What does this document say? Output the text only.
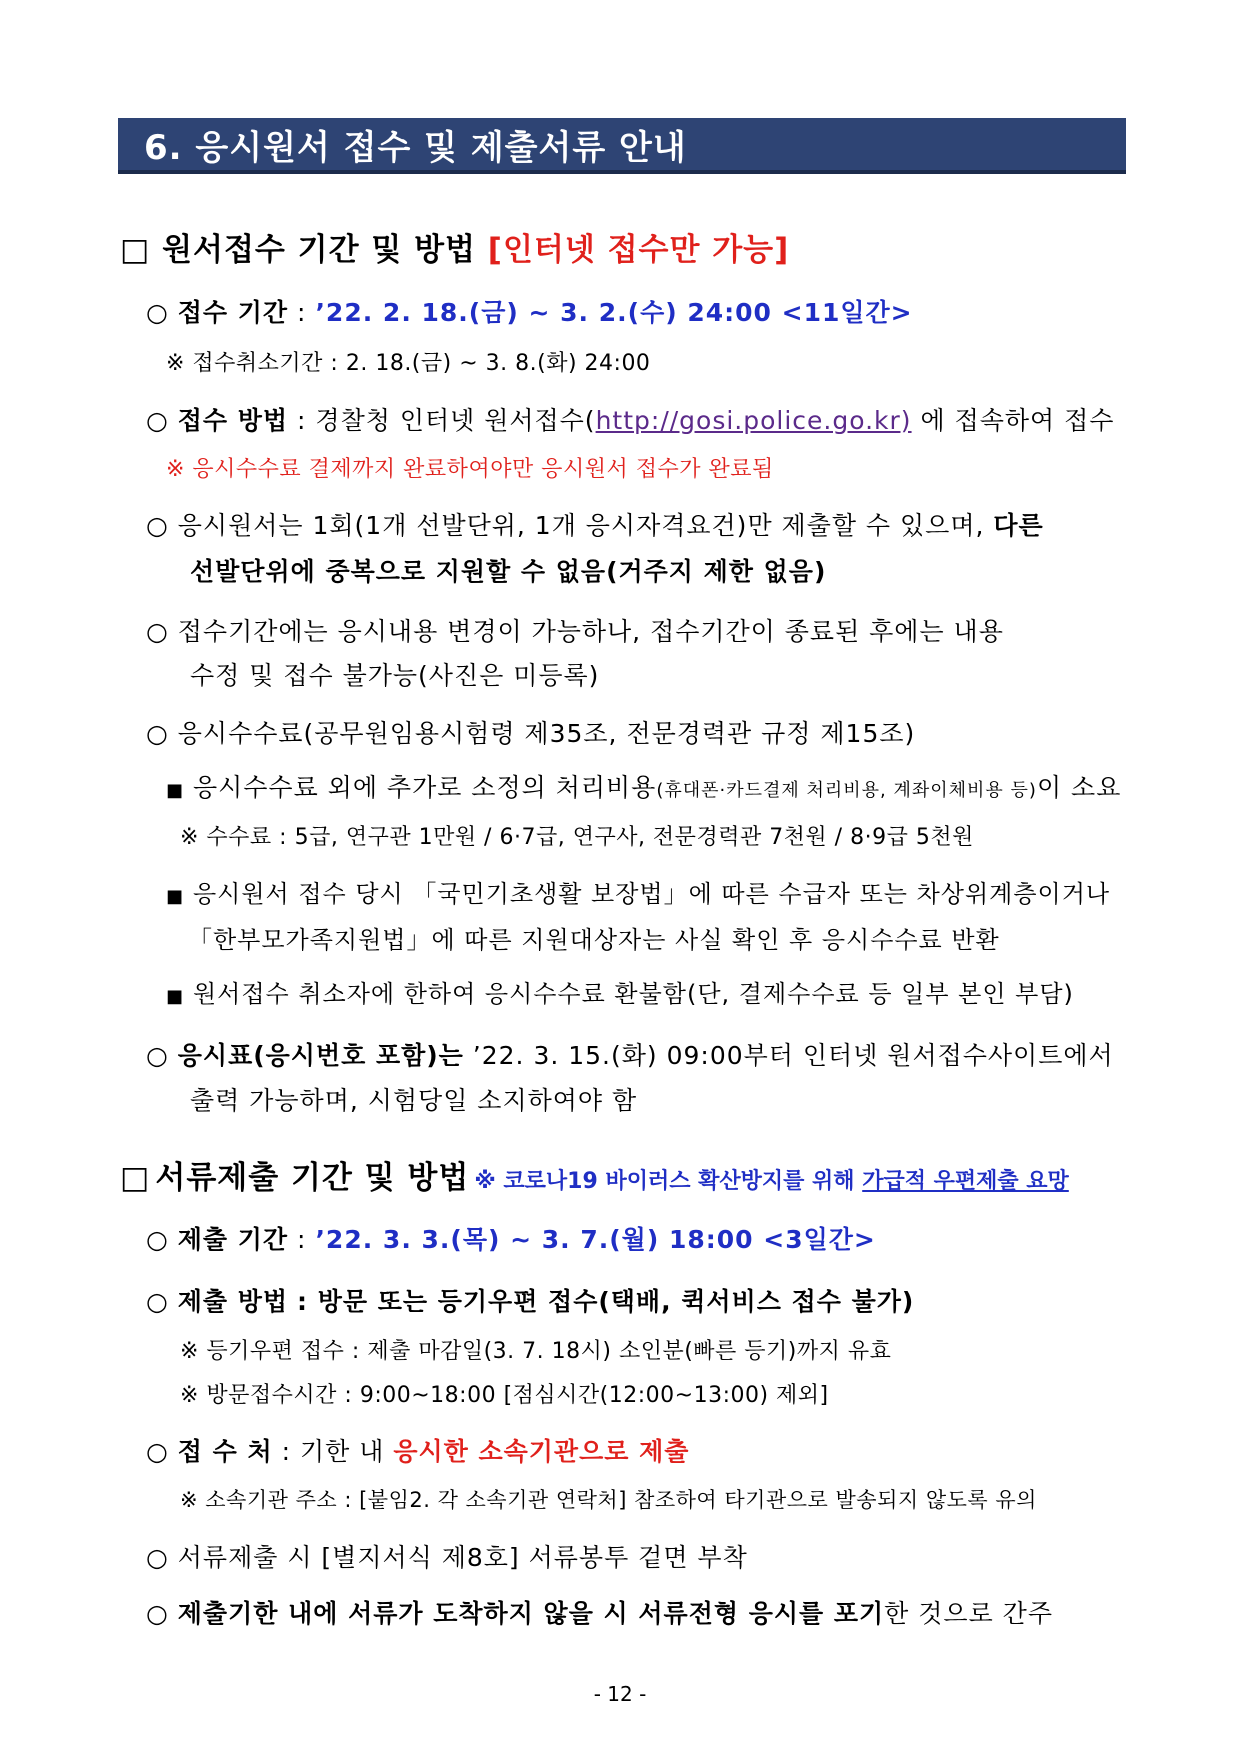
6. 응시원서 접수 및 제출서류 안내
□ 원서접수 기간 및 방법 [인터넷 접수만 가능]
○ 접수 기간 : ’22. 2. 18.(금) ~ 3. 2.(수) 24:00 <11일간>
※ 접수취소기간 : 2. 18.(금) ~ 3. 8.(화) 24:00
○ 접수 방법 : 경찰청 인터넷 원서접수(http://gosi.police.go.kr) 에 접속하여 접수
※ 응시수수료 결제까지 완료하여야만 응시원서 접수가 완료됨
○ 응시원서는 1회(1개 선발단위, 1개 응시자격요건)만 제출할 수 있으며, 다른
선발단위에 중복으로 지원할 수 없음(거주지 제한 없음)
○ 접수기간에는 응시내용 변경이 가능하나, 접수기간이 종료된 후에는 내용
수정 및 접수 불가능(사진은 미등록)
○ 응시수수료(공무원임용시험령 제35조, 전문경력관 규정 제15조)
■ 응시수수료 외에 추가로 소정의 처리비용(휴대폰·카드결제 처리비용, 계좌이체비용 등)이 소요
※ 수수료 : 5급, 연구관 1만원 / 6·7급, 연구사, 전문경력관 7천원 / 8·9급 5천원
■ 응시원서 접수 당시 「국민기초생활 보장법」에 따른 수급자 또는 차상위계층이거나
「한부모가족지원법」에 따른 지원대상자는 사실 확인 후 응시수수료 반환
■ 원서접수 취소자에 한하여 응시수수료 환불함(단, 결제수수료 등 일부 본인 부담)
○ 응시표(응시번호 포함)는 ’22. 3. 15.(화) 09:00부터 인터넷 원서접수사이트에서
출력 가능하며, 시험당일 소지하여야 함
□ 서류제출 기간 및 방법 ※ 코로나19 바이러스 확산방지를 위해 가급적 우편제출 요망
○ 제출 기간 : ’22. 3. 3.(목) ~ 3. 7.(월) 18:00 <3일간>
○ 제출 방법 : 방문 또는 등기우편 접수(택배, 퀵서비스 접수 불가)
※ 등기우편 접수 : 제출 마감일(3. 7. 18시) 소인분(빠른 등기)까지 유효
※ 방문접수시간 : 9:00~18:00 [점심시간(12:00~13:00) 제외]
○ 접 수 처 : 기한 내 응시한 소속기관으로 제출
※ 소속기관 주소 : [붙임2. 각 소속기관 연락처] 참조하여 타기관으로 발송되지 않도록 유의
○ 서류제출 시 [별지서식 제8호] 서류봉투 겉면 부착
○ 제출기한 내에 서류가 도착하지 않을 시 서류전형 응시를 포기한 것으로 간주
- 12 -
